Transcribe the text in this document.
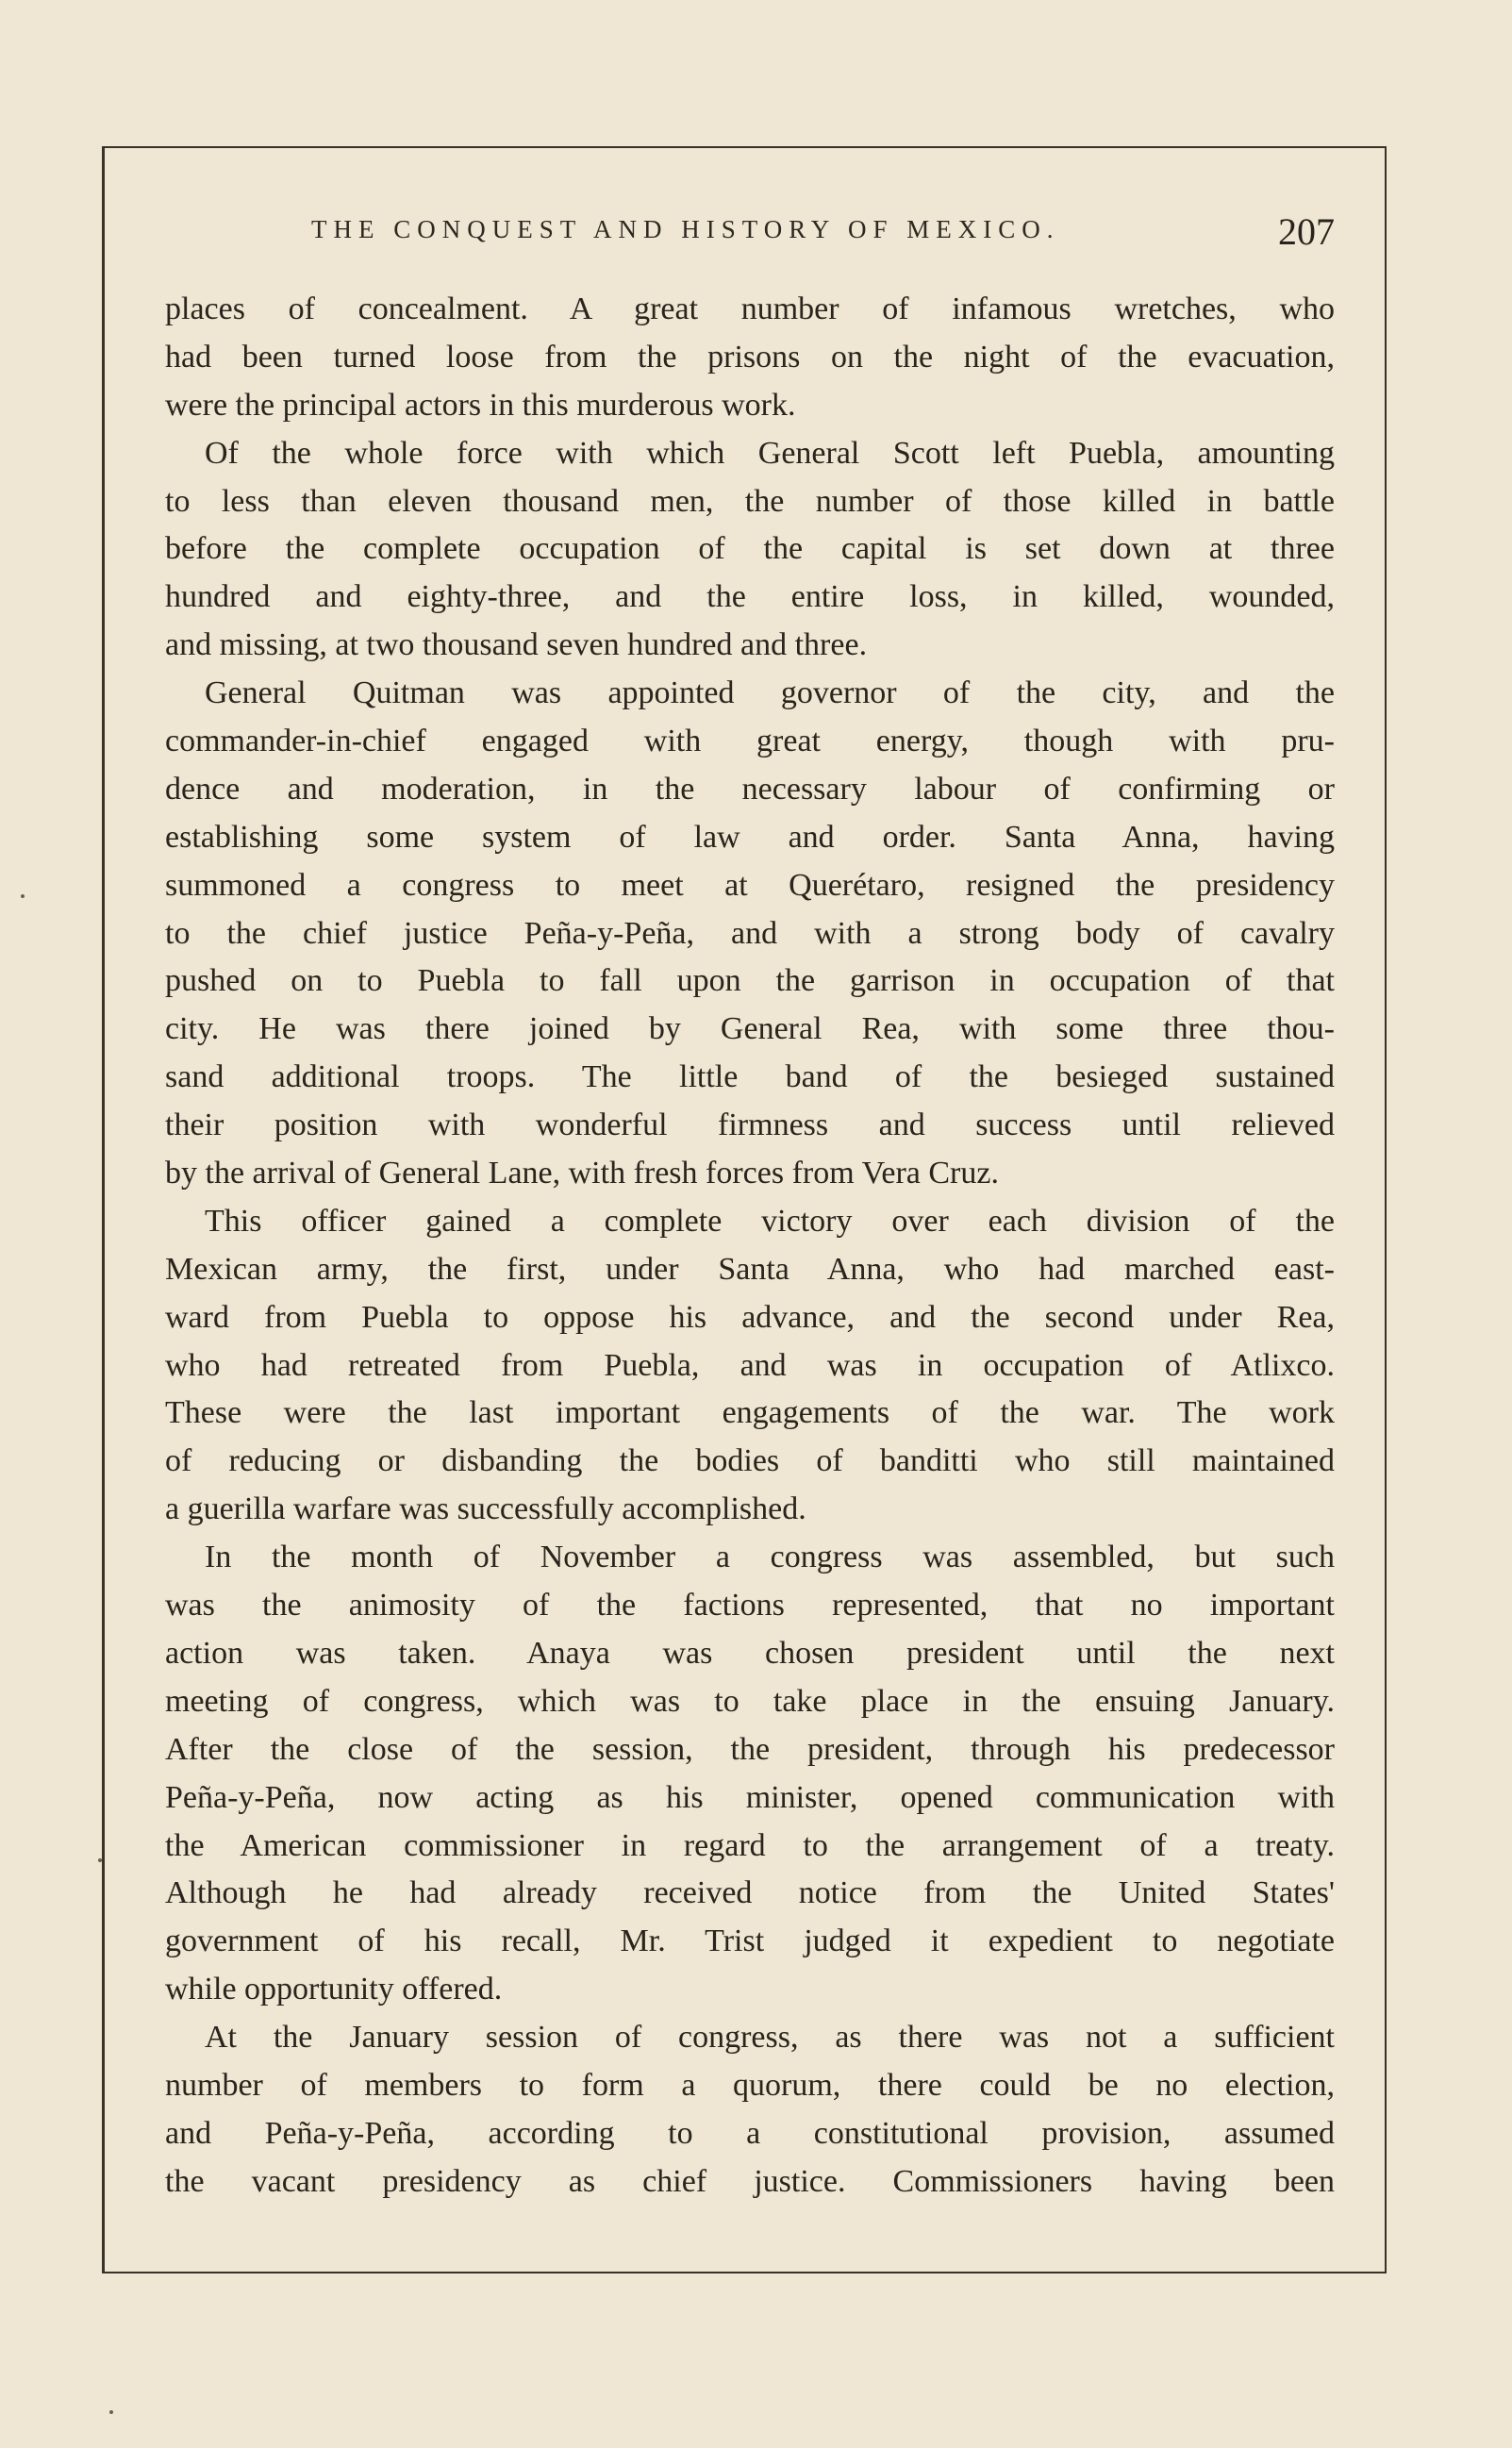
THE CONQUEST AND HISTORY OF MEXICO.	207
places of concealment. A great number of infamous wretches, who
had been turned loose from the prisons on the night of the evacuation,
were the principal actors in this murderous work.
Of the whole force with which General Scott left Puebla, amounting
to less than eleven thousand men, the number of those killed in battle
before the complete occupation of the capital is set down at three
hundred and eighty-three, and the entire loss, in killed, wounded,
and missing, at two thousand seven hundred and three.
General Quitman was appointed governor of the city, and the
commander-in-chief engaged with great energy, though with pru-
dence and moderation, in the necessary labour of confirming or
establishing some system of law and order. Santa Anna, having
summoned a congress to meet at Querétaro, resigned the presidency
to the chief justice Peña-y-Peña, and with a strong body of cavalry
pushed on to Puebla to fall upon the garrison in occupation of that
city. He was there joined by General Rea, with some three thou-
sand additional troops. The little band of the besieged sustained
their position with wonderful firmness and success until relieved
by the arrival of General Lane, with fresh forces from Vera Cruz.
This officer gained a complete victory over each division of the
Mexican army, the first, under Santa Anna, who had marched east-
ward from Puebla to oppose his advance, and the second under Rea,
who had retreated from Puebla, and was in occupation of Atlixco.
These were the last important engagements of the war. The work
of reducing or disbanding the bodies of banditti who still maintained
a guerilla warfare was successfully accomplished.
In the month of November a congress was assembled, but such
was the animosity of the factions represented, that no important
action was taken. Anaya was chosen president until the next
meeting of congress, which was to take place in the ensuing January.
After the close of the session, the president, through his predecessor
Peña-y-Peña, now acting as his minister, opened communication with
the American commissioner in regard to the arrangement of a treaty.
Although he had already received notice from the United States'
government of his recall, Mr. Trist judged it expedient to negotiate
while opportunity offered.
At the January session of congress, as there was not a sufficient
number of members to form a quorum, there could be no election,
and Peña-y-Peña, according to a constitutional provision, assumed
the vacant presidency as chief justice. Commissioners having been
